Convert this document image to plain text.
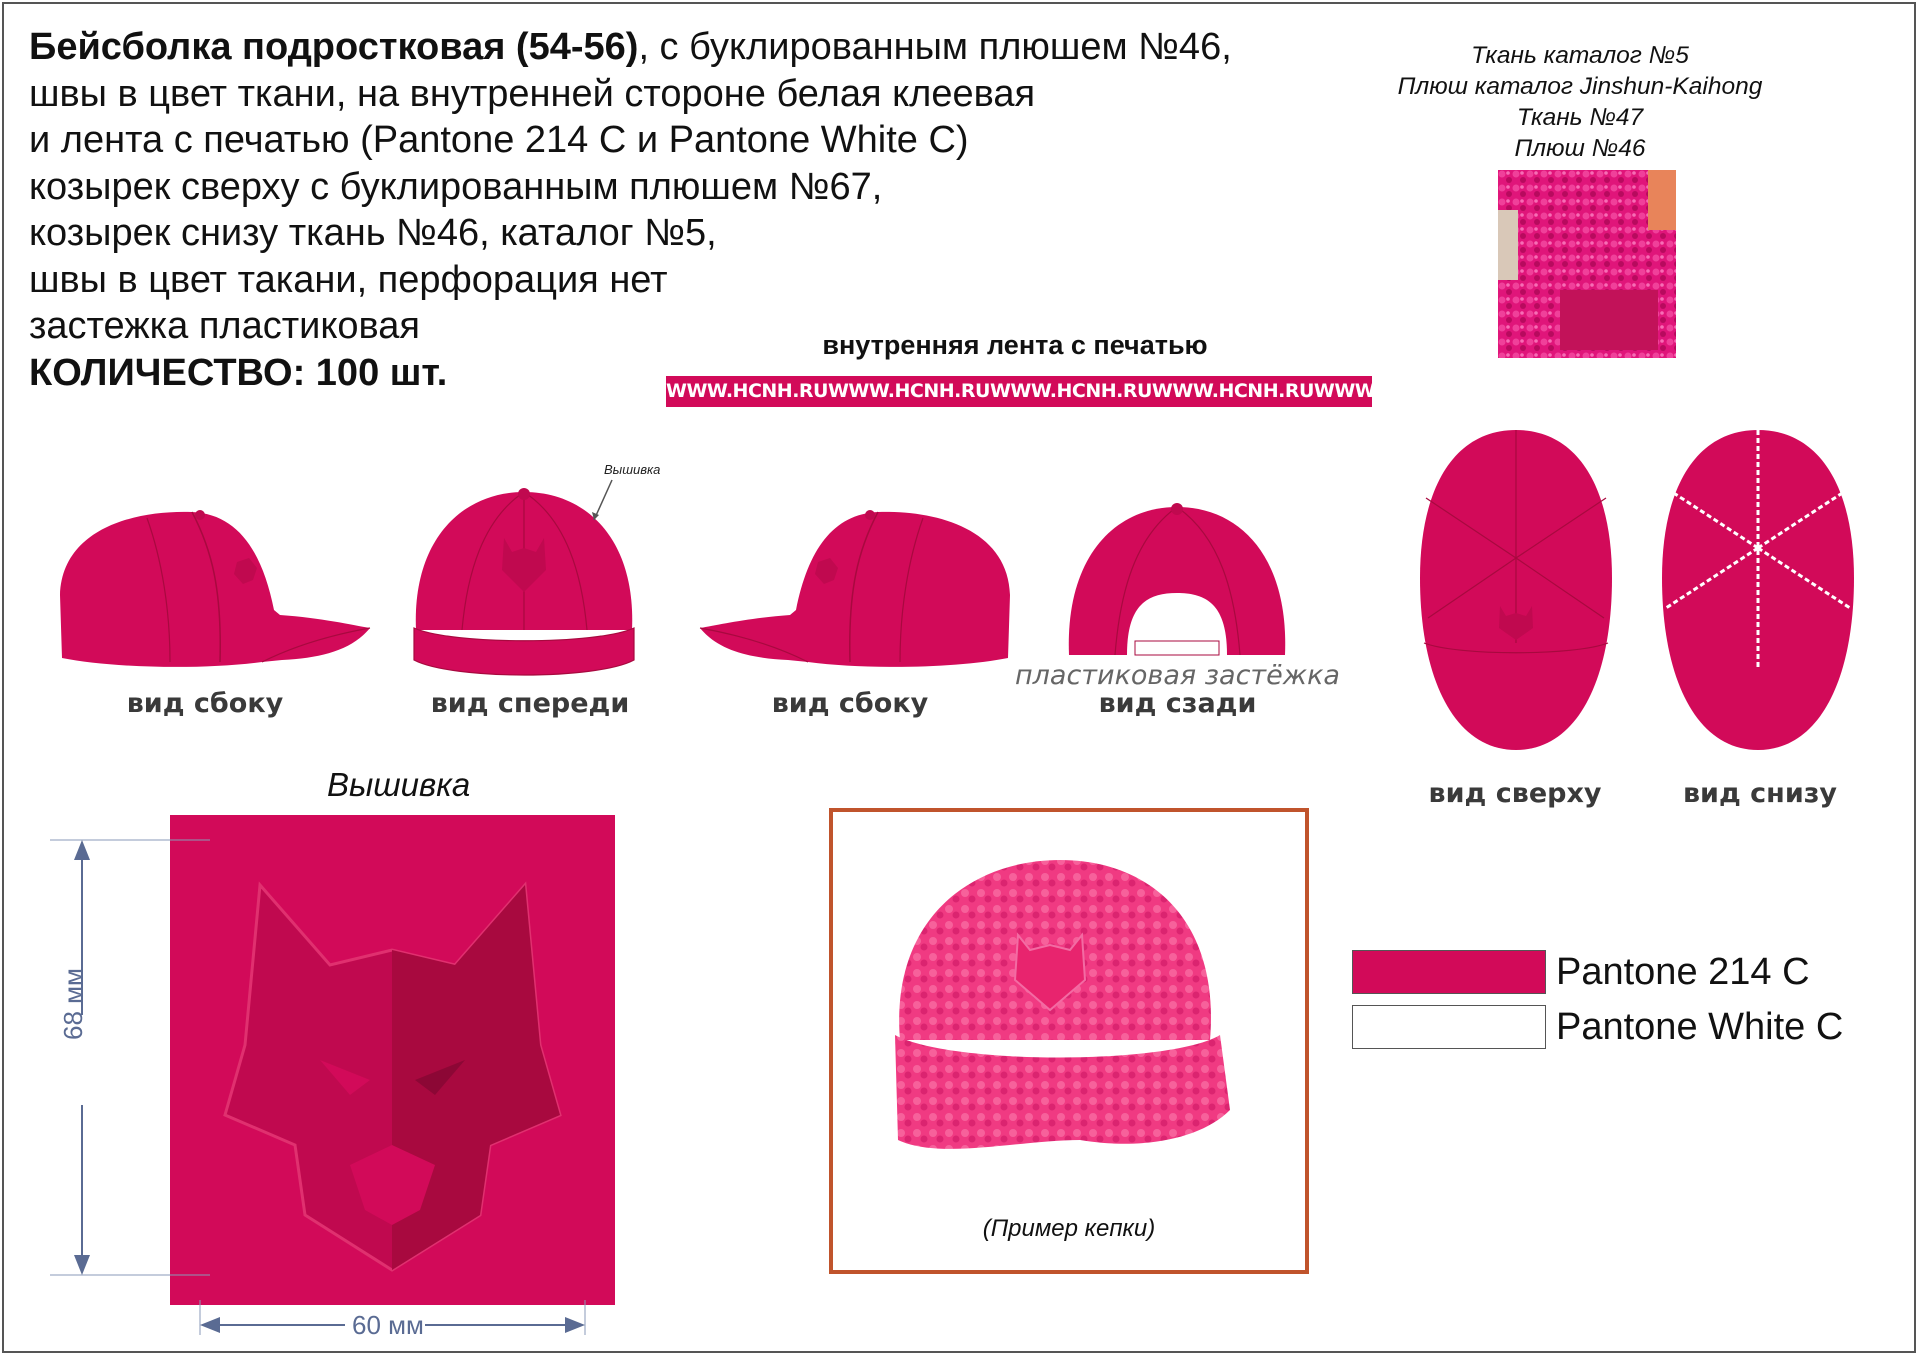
Бейсболка подростковая (54-56), с буклированным плюшем №46,
швы в цвет ткани, на внутренней стороне белая клеевая
и лента с печатью (Pantone 214 C и Pantone White C)
козырек сверху с буклированным плюшем №67,
козырек снизу ткань №46, каталог №5,
швы в цвет такани, перфорация нет
застежка пластиковая
КОЛИЧЕСТВО: 100 шт.
Ткань каталог №5
Плюш каталог Jinshun-Kaihong
Ткань №47
Плюш №46
внутренняя лента с печатью
WWW.HCNH.RU WWW.HCNH.RU WWW.HCNH.RU WWW.HCNH.RU WWW.HCNH.RU
вид сбоку
Вышивка
вид спереди	вид сбоку
пластиковая застёжка
вид сзади
вид сверху	вид снизу
Вышивка
68 мм
60 мм
(Пример кепки)
Pantone 214 C
Pantone White C
